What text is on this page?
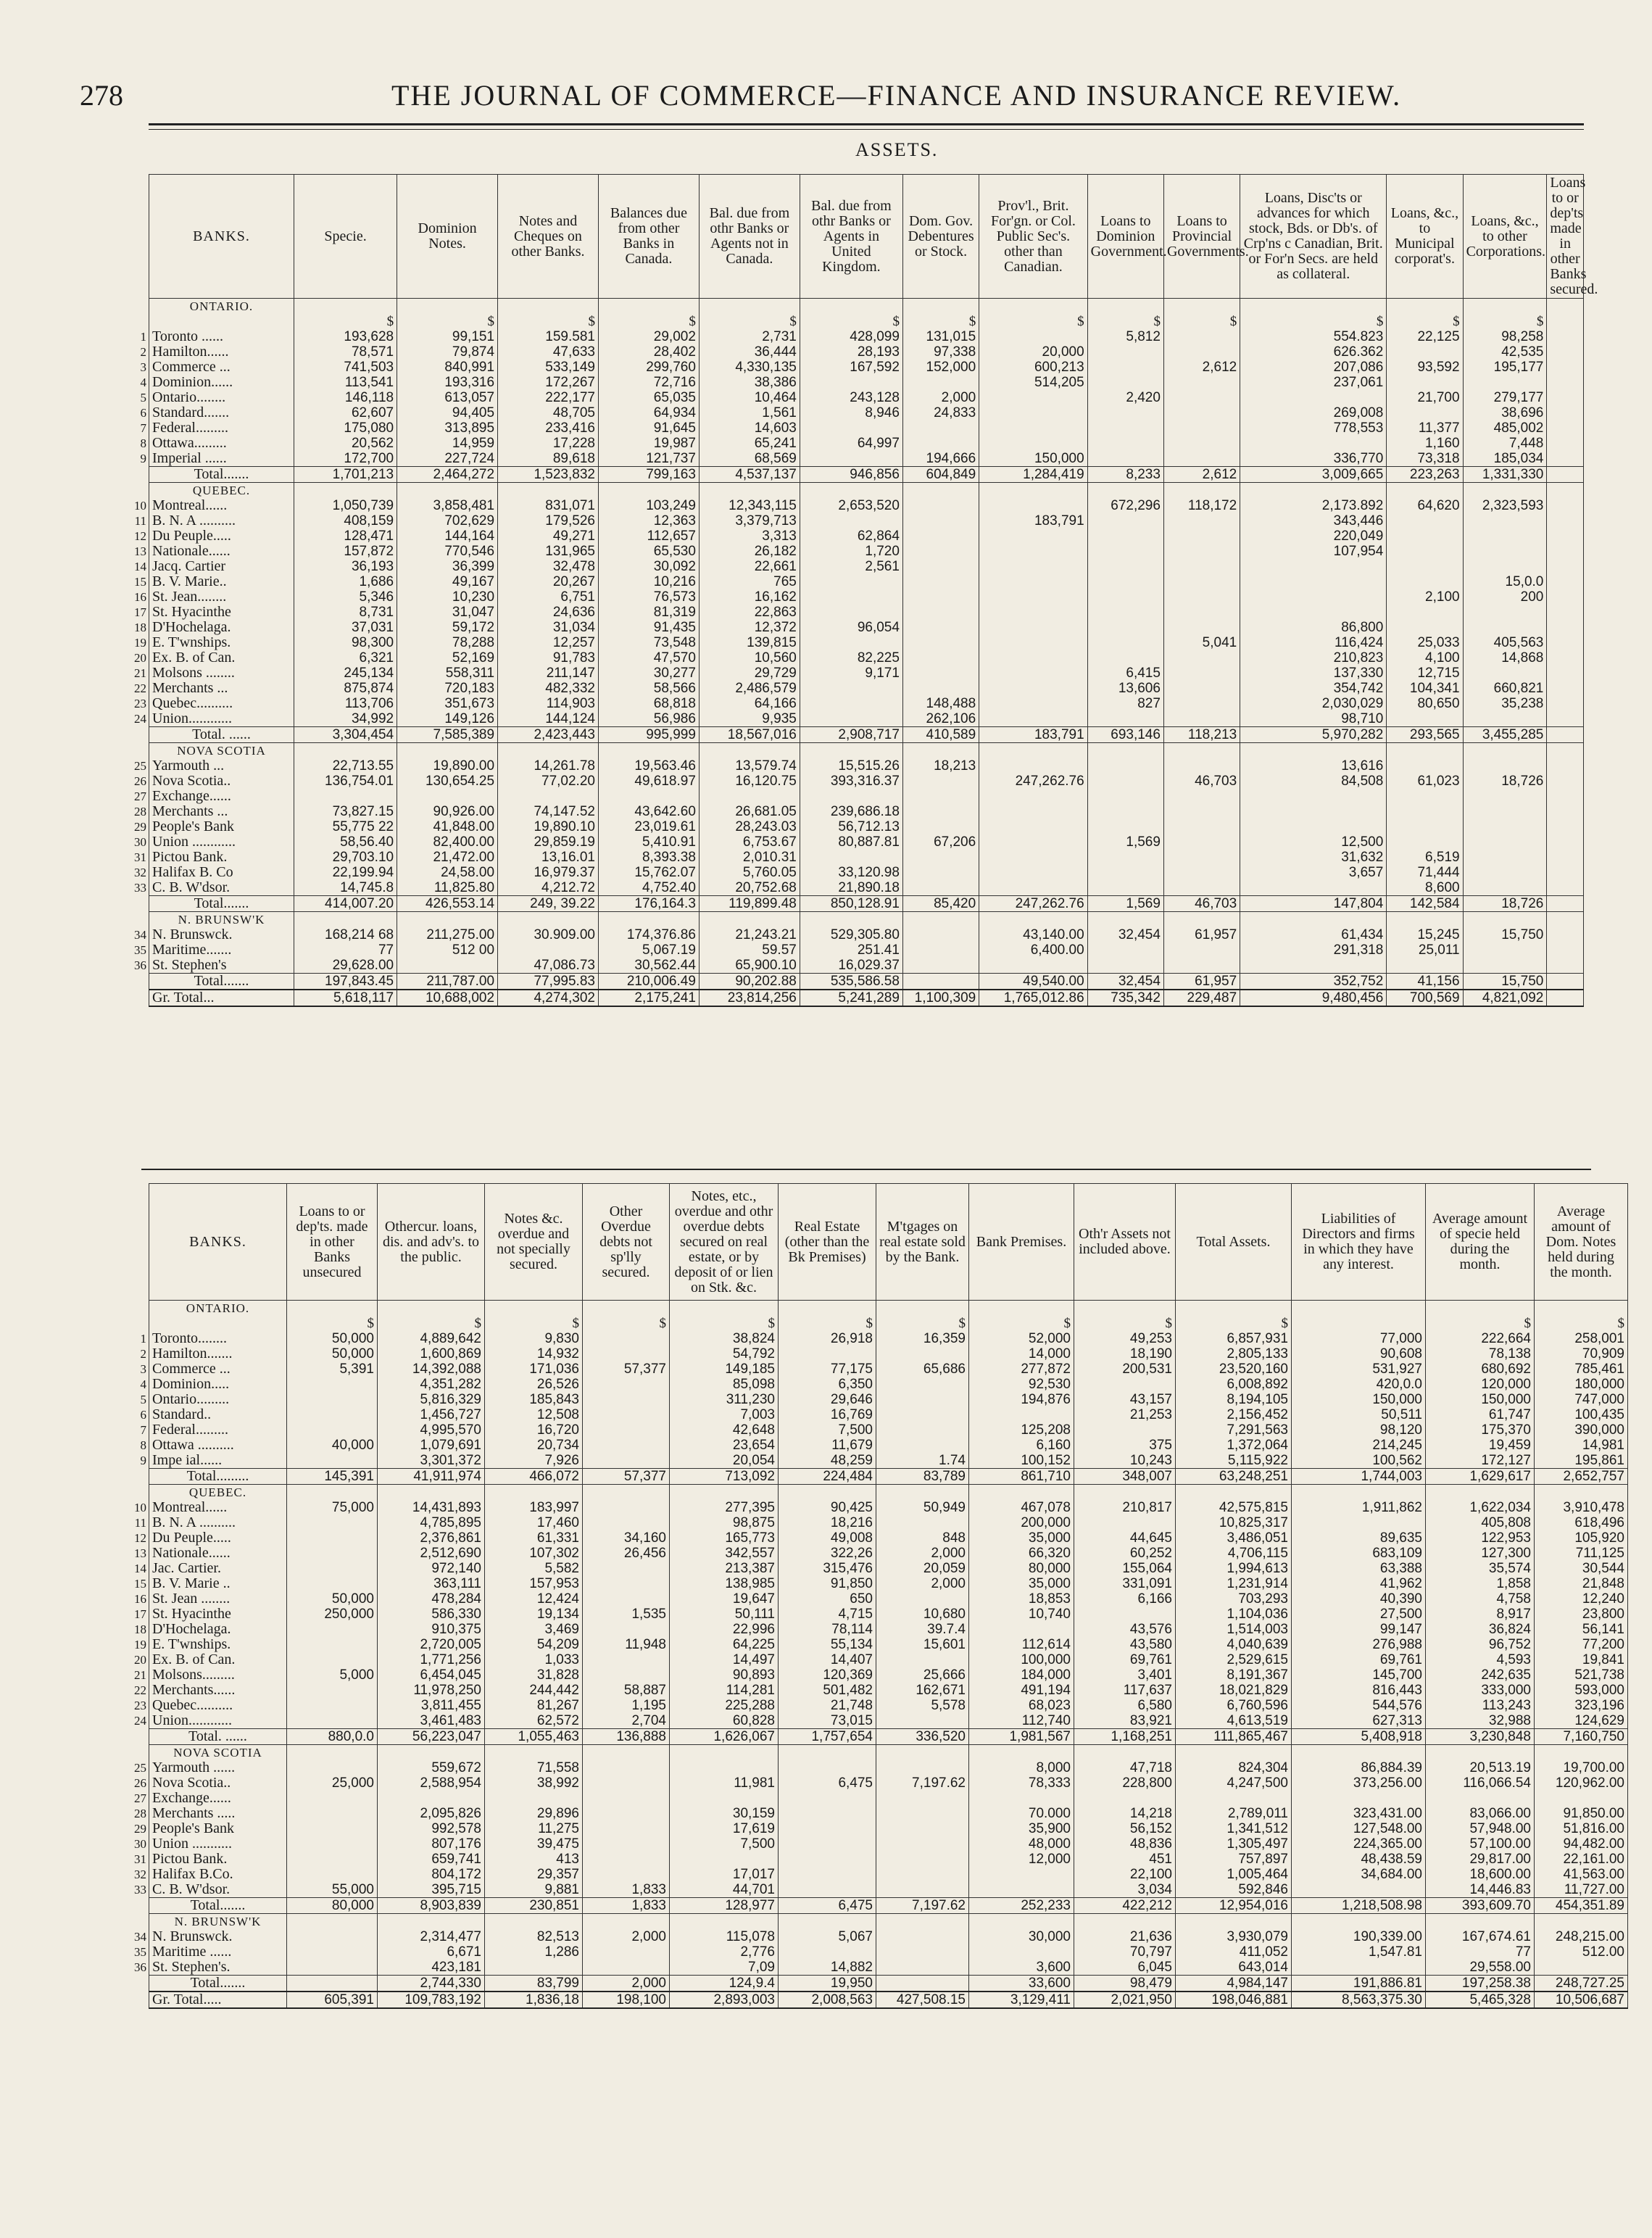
278	THE JOURNAL OF COMMERCE—FINANCE AND INSURANCE REVIEW.
ASSETS.
BANKS.	Specie.	Dominion Notes.	Notes and Cheques on other Banks.	Balances due from other Banks in Canada.	Bal. due from othr Banks or Agents not in Canada.	Bal. due from othr Banks or Agents in United Kingdom.	Dom. Gov. Debentures or Stock.	Prov'l., Brit. For'gn. or Col. Public Sec's. other than Canadian.	Loans to Dominion Government.	Loans to Provincial Governments.	Loans, Disc'ts or advances for which stock, Bds. or Db's. of Crp'ns c Canadian, Brit. or For'n Secs. are held as collateral.	Loans, &c., to Municipal corporat's.	Loans, &c., to other Corporations.	Loans to or dep'ts made in other Banks secured.
ONTARIO.														
	$	$	$	$	$	$	$	$	$	$	$	$	$	

1 Toronto ......	193,628	99,151	159.581	29,002	2,731	428,099	131,015		5,812		554.823	22,125	98,258	

2 Hamilton......	78,571	79,874	47,633	28,402	36,444	28,193	97,338	20,000			626.362		42,535	

3 Commerce ...	741,503	840,991	533,149	299,760	4,330,135	167,592	152,000	600,213		2,612	207,086	93,592	195,177	

4 Dominion......	113,541	193,316	172,267	72,716	38,386			514,205			237,061			

5 Ontario........	146,118	613,057	222,177	65,035	10,464	243,128	2,000		2,420			21,700	279,177	

6 Standard.......	62,607	94,405	48,705	64,934	1,561	8,946	24,833				269,008		38,696	

7 Federal.........	175,080	313,895	233,416	91,645	14,603						778,553	11,377	485,002	

8 Ottawa.........	20,562	14,959	17,228	19,987	65,241	64,997						1,160	7,448	

9 Imperial ......	172,700	227,724	89,618	121,737	68,569		194,666	150,000			336,770	73,318	185,034	
Total.......	1,701,213	2,464,272	1,523,832	799,163	4,537,137	946,856	604,849	1,284,419	8,233	2,612	3,009,665	223,263	1,331,330	
QUEBEC.														

10 Montreal......	1,050,739	3,858,481	831,071	103,249	12,343,115	2,653,520			672,296	118,172	2,173.892	64,620	2,323,593	

11 B. N. A ..........	408,159	702,629	179,526	12,363	3,379,713			183,791			343,446			

12 Du Peuple.....	128,471	144,164	49,271	112,657	3,313	62,864					220,049			

13 Nationale......	157,872	770,546	131,965	65,530	26,182	1,720					107,954			

14 Jacq. Cartier	36,193	36,399	32,478	30,092	22,661	2,561								

15 B. V. Marie..	1,686	49,167	20,267	10,216	765								15,0.0	

16 St. Jean........	5,346	10,230	6,751	76,573	16,162							2,100	200	

17 St. Hyacinthe	8,731	31,047	24,636	81,319	22,863									

18 D'Hochelaga.	37,031	59,172	31,034	91,435	12,372	96,054					86,800			

19 E. T'wnships.	98,300	78,288	12,257	73,548	139,815					5,041	116,424	25,033	405,563	

20 Ex. B. of Can.	6,321	52,169	91,783	47,570	10,560	82,225					210,823	4,100	14,868	

21 Molsons ........	245,134	558,311	211,147	30,277	29,729	9,171			6,415		137,330	12,715		

22 Merchants ...	875,874	720,183	482,332	58,566	2,486,579				13,606		354,742	104,341	660,821	

23 Quebec..........	113,706	351,673	114,903	68,818	64,166		148,488		827		2,030,029	80,650	35,238	

24 Union............	34,992	149,126	144,124	56,986	9,935		262,106				98,710			
Total. ......	3,304,454	7,585,389	2,423,443	995,999	18,567,016	2,908,717	410,589	183,791	693,146	118,213	5,970,282	293,565	3,455,285	
NOVA SCOTIA														

25 Yarmouth ...	22,713.55	19,890.00	14,261.78	19,563.46	13,579.74	15,515.26	18,213				13,616			

26 Nova Scotia..	136,754.01	130,654.25	77,02.20	49,618.97	16,120.75	393,316.37		247,262.76		46,703	84,508	61,023	18,726	

27 Exchange......														

28 Merchants ...	73,827.15	90,926.00	74,147.52	43,642.60	26,681.05	239,686.18								

29 People's Bank	55,775 22	41,848.00	19,890.10	23,019.61	28,243.03	56,712.13								

30 Union ............	58,56.40	82,400.00	29,859.19	5,410.91	6,753.67	80,887.81	67,206		1,569		12,500			

31 Pictou Bank.	29,703.10	21,472.00	13,16.01	8,393.38	2,010.31						31,632	6,519		

32 Halifax B. Co	22,199.94	24,58.00	16,979.37	15,762.07	5,760.05	33,120.98					3,657	71,444		

33 C. B. W'dsor.	14,745.8	11,825.80	4,212.72	4,752.40	20,752.68	21,890.18						8,600		
Total.......	414,007.20	426,553.14	249, 39.22	176,164.3	119,899.48	850,128.91	85,420	247,262.76	1,569	46,703	147,804	142,584	18,726	
N. BRUNSW'K														

34 N. Brunswck.	168,214 68	211,275.00	30.909.00	174,376.86	21,243.21	529,305.80		43,140.00	32,454	61,957	61,434	15,245	15,750	

35 Maritime.......	77	512 00		5,067.19	59.57	251.41		6,400.00			291,318	25,011		

36 St. Stephen's	29,628.00		47,086.73	30,562.44	65,900.10	16,029.37								
Total.......	197,843.45	211,787.00	77,995.83	210,006.49	90,202.88	535,586.58		49,540.00	32,454	61,957	352,752	41,156	15,750	
Gr. Total...	5,618,117	10,688,002	4,274,302	2,175,241	23,814,256	5,241,289	1,100,309	1,765,012.86	735,342	229,487	9,480,456	700,569	4,821,092	
BANKS.	Loans to or dep'ts. made in other Banks unsecured	Othercur. loans, dis. and adv's. to the public.	Notes &c. overdue and not specially secured.	Other Overdue debts not sp'lly secured.	Notes, etc., overdue and othr overdue debts secured on real estate, or by deposit of or lien on Stk. &c.	Real Estate (other than the Bk Premises)	M'tgages on real estate sold by the Bank.	Bank Premises.	Oth'r Assets not included above.	Total Assets.	Liabilities of Directors and firms in which they have any interest.	Average amount of specie held during the month.	Average amount of Dom. Notes held during the month.
ONTARIO.													
	$	$	$	$	$	$	$	$	$	$		$	$

1 Toronto........	50,000	4,889,642	9,830		38,824	26,918	16,359	52,000	49,253	6,857,931	77,000	222,664	258,001

2 Hamilton.......	50,000	1,600,869	14,932		54,792			14,000	18,190	2,805,133	90,608	78,138	70,909

3 Commerce ...	5,391	14,392,088	171,036	57,377	149,185	77,175	65,686	277,872	200,531	23,520,160	531,927	680,692	785,461

4 Dominion.....		4,351,282	26,526		85,098	6,350		92,530		6,008,892	420,0.0	120,000	180,000

5 Ontario.........		5,816,329	185,843		311,230	29,646		194,876	43,157	8,194,105	150,000	150,000	747,000

6 Standard..		1,456,727	12,508		7,003	16,769			21,253	2,156,452	50,511	61,747	100,435

7 Federal.........		4,995,570	16,720		42,648	7,500		125,208		7,291,563	98,120	175,370	390,000

8 Ottawa ..........	40,000	1,079,691	20,734		23,654	11,679		6,160	375	1,372,064	214,245	19,459	14,981

9 Impe ial......		3,301,372	7,926		20,054	48,259	1.74	100,152	10,243	5,115,922	100,562	172,127	195,861
Total.........	145,391	41,911,974	466,072	57,377	713,092	224,484	83,789	861,710	348,007	63,248,251	1,744,003	1,629,617	2,652,757
QUEBEC.													

10 Montreal......	75,000	14,431,893	183,997		277,395	90,425	50,949	467,078	210,817	42,575,815	1,911,862	1,622,034	3,910,478

11 B. N. A ..........		4,785,895	17,460		98,875	18,216		200,000		10,825,317		405,808	618,496

12 Du Peuple.....		2,376,861	61,331	34,160	165,773	49,008	848	35,000	44,645	3,486,051	89,635	122,953	105,920

13 Nationale......		2,512,690	107,302	26,456	342,557	322,26	2,000	66,320	60,252	4,706,115	683,109	127,300	711,125

14 Jac. Cartier.		972,140	5,582		213,387	315,476	20,059	80,000	155,064	1,994,613	63,388	35,574	30,544

15 B. V. Marie ..		363,111	157,953		138,985	91,850	2,000	35,000	331,091	1,231,914	41,962	1,858	21,848

16 St. Jean ........	50,000	478,284	12,424		19,647	650		18,853	6,166	703,293	40,390	4,758	12,240

17 St. Hyacinthe	250,000	586,330	19,134	1,535	50,111	4,715	10,680	10,740		1,104,036	27,500	8,917	23,800

18 D'Hochelaga.		910,375	3,469		22,996	78,114	39.7.4		43,576	1,514,003	99,147	36,824	56,141

19 E. T'wnships.		2,720,005	54,209	11,948	64,225	55,134	15,601	112,614	43,580	4,040,639	276,988	96,752	77,200

20 Ex. B. of Can.		1,771,256	1,033		14,497	14,407		100,000	69,761	2,529,615	69,761	4,593	19,841

21 Molsons.........	5,000	6,454,045	31,828		90,893	120,369	25,666	184,000	3,401	8,191,367	145,700	242,635	521,738

22 Merchants......		11,978,250	244,442	58,887	114,281	501,482	162,671	491,194	117,637	18,021,829	816,443	333,000	593,000

23 Quebec..........		3,811,455	81,267	1,195	225,288	21,748	5,578	68,023	6,580	6,760,596	544,576	113,243	323,196

24 Union............		3,461,483	62,572	2,704	60,828	73,015		112,740	83,921	4,613,519	627,313	32,988	124,629
Total. ......	880,0.0	56,223,047	1,055,463	136,888	1,626,067	1,757,654	336,520	1,981,567	1,168,251	111,865,467	5,408,918	3,230,848	7,160,750
NOVA SCOTIA													

25 Yarmouth ......		559,672	71,558					8,000	47,718	824,304	86,884.39	20,513.19	19,700.00

26 Nova Scotia..	25,000	2,588,954	38,992		11,981	6,475	7,197.62	78,333	228,800	4,247,500	373,256.00	116,066.54	120,962.00

27 Exchange......													

28 Merchants .....		2,095,826	29,896		30,159			70.000	14,218	2,789,011	323,431.00	83,066.00	91,850.00

29 People's Bank		992,578	11,275		17,619			35,900	56,152	1,341,512	127,548.00	57,948.00	51,816.00

30 Union ...........		807,176	39,475		7,500			48,000	48,836	1,305,497	224,365.00	57,100.00	94,482.00

31 Pictou Bank.		659,741	413					12,000	451	757,897	48,438.59	29,817.00	22,161.00

32 Halifax B.Co.		804,172	29,357		17,017				22,100	1,005,464	34,684.00	18,600.00	41,563.00

33 C. B. W'dsor.	55,000	395,715	9,881	1,833	44,701				3,034	592,846		14,446.83	11,727.00
Total.......	80,000	8,903,839	230,851	1,833	128,977	6,475	7,197.62	252,233	422,212	12,954,016	1,218,508.98	393,609.70	454,351.89
N. BRUNSW'K													

34 N. Brunswck.		2,314,477	82,513	2,000	115,078	5,067		30,000	21,636	3,930,079	190,339.00	167,674.61	248,215.00

35 Maritime ......		6,671	1,286		2,776				70,797	411,052	1,547.81	77	512.00

36 St. Stephen's.		423,181			7,09	14,882		3,600	6,045	643,014		29,558.00	
Total.......		2,744,330	83,799	2,000	124,9.4	19,950		33,600	98,479	4,984,147	191,886.81	197,258.38	248,727.25
Gr. Total.....	605,391	109,783,192	1,836,18	198,100	2,893,003	2,008,563	427,508.15	3,129,411	2,021,950	198,046,881	8,563,375.30	5,465,328	10,506,687
